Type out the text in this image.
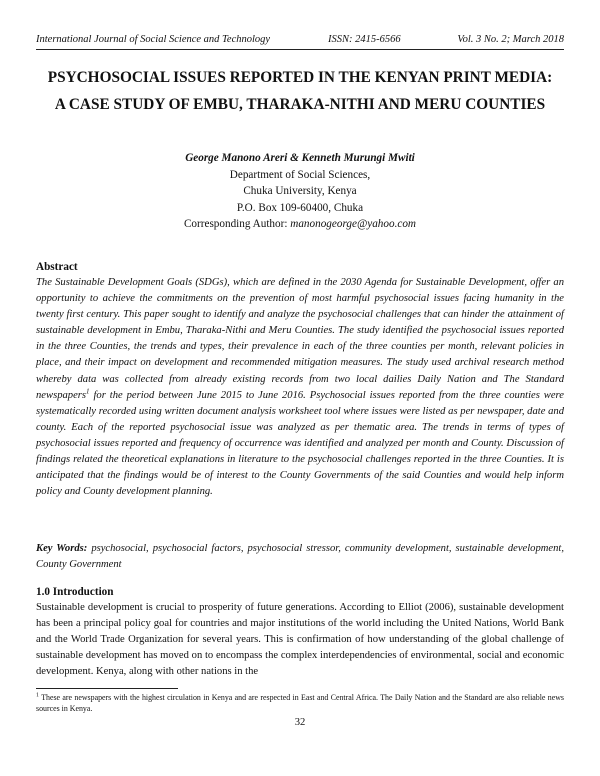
International Journal of Social Science and Technology	ISSN: 2415-6566	Vol. 3 No. 2; March 2018
PSYCHOSOCIAL ISSUES REPORTED IN THE KENYAN PRINT MEDIA:
A CASE STUDY OF EMBU, THARAKA-NITHI AND MERU COUNTIES
George Manono Areri & Kenneth Murungi Mwiti
Department of Social Sciences,
Chuka University, Kenya
P.O. Box 109-60400, Chuka
Corresponding Author: manonogeorge@yahoo.com
Abstract
The Sustainable Development Goals (SDGs), which are defined in the 2030 Agenda for Sustainable Development, offer an opportunity to achieve the commitments on the prevention of most harmful psychosocial issues facing humanity in the twenty first century. This paper sought to identify and analyze the psychosocial challenges that can hinder the attainment of sustainable development in Embu, Tharaka-Nithi and Meru Counties. The study identified the psychosocial issues reported in the three Counties, the trends and types, their prevalence in each of the three counties per month, relevant policies in place, and their impact on development and recommended mitigation measures. The study used archival research method whereby data was collected from already existing records from two local dailies Daily Nation and The Standard newspapers$^1$ for the period between June 2015 to June 2016. Psychosocial issues reported from the three counties were systematically recorded using written document analysis worksheet tool where issues were listed as per newspaper, date and county. Each of the reported psychosocial issue was analyzed as per thematic area. The trends in terms of types of psychosocial issues reported and frequency of occurrence was identified and analyzed per month and County. Discussion of findings related the theoretical explanations in literature to the psychosocial challenges reported in the three Counties. It is anticipated that the findings would be of interest to the County Governments of the said Counties and would help inform policy and County development planning.
Key Words: psychosocial, psychosocial factors, psychosocial stressor, community development, sustainable development, County Government
1.0 Introduction
Sustainable development is crucial to prosperity of future generations. According to Elliot (2006), sustainable development has been a principal policy goal for countries and major institutions of the world including the United Nations, World Bank and the World Trade Organization for several years. This is confirmation of how understanding of the global challenge of sustainable development has moved on to encompass the complex interdependencies of environmental, social and economic development. Kenya, along with other nations in the
$^1$ These are newspapers with the highest circulation in Kenya and are respected in East and Central Africa. The Daily Nation and the Standard are also reliable news sources in Kenya.
32
